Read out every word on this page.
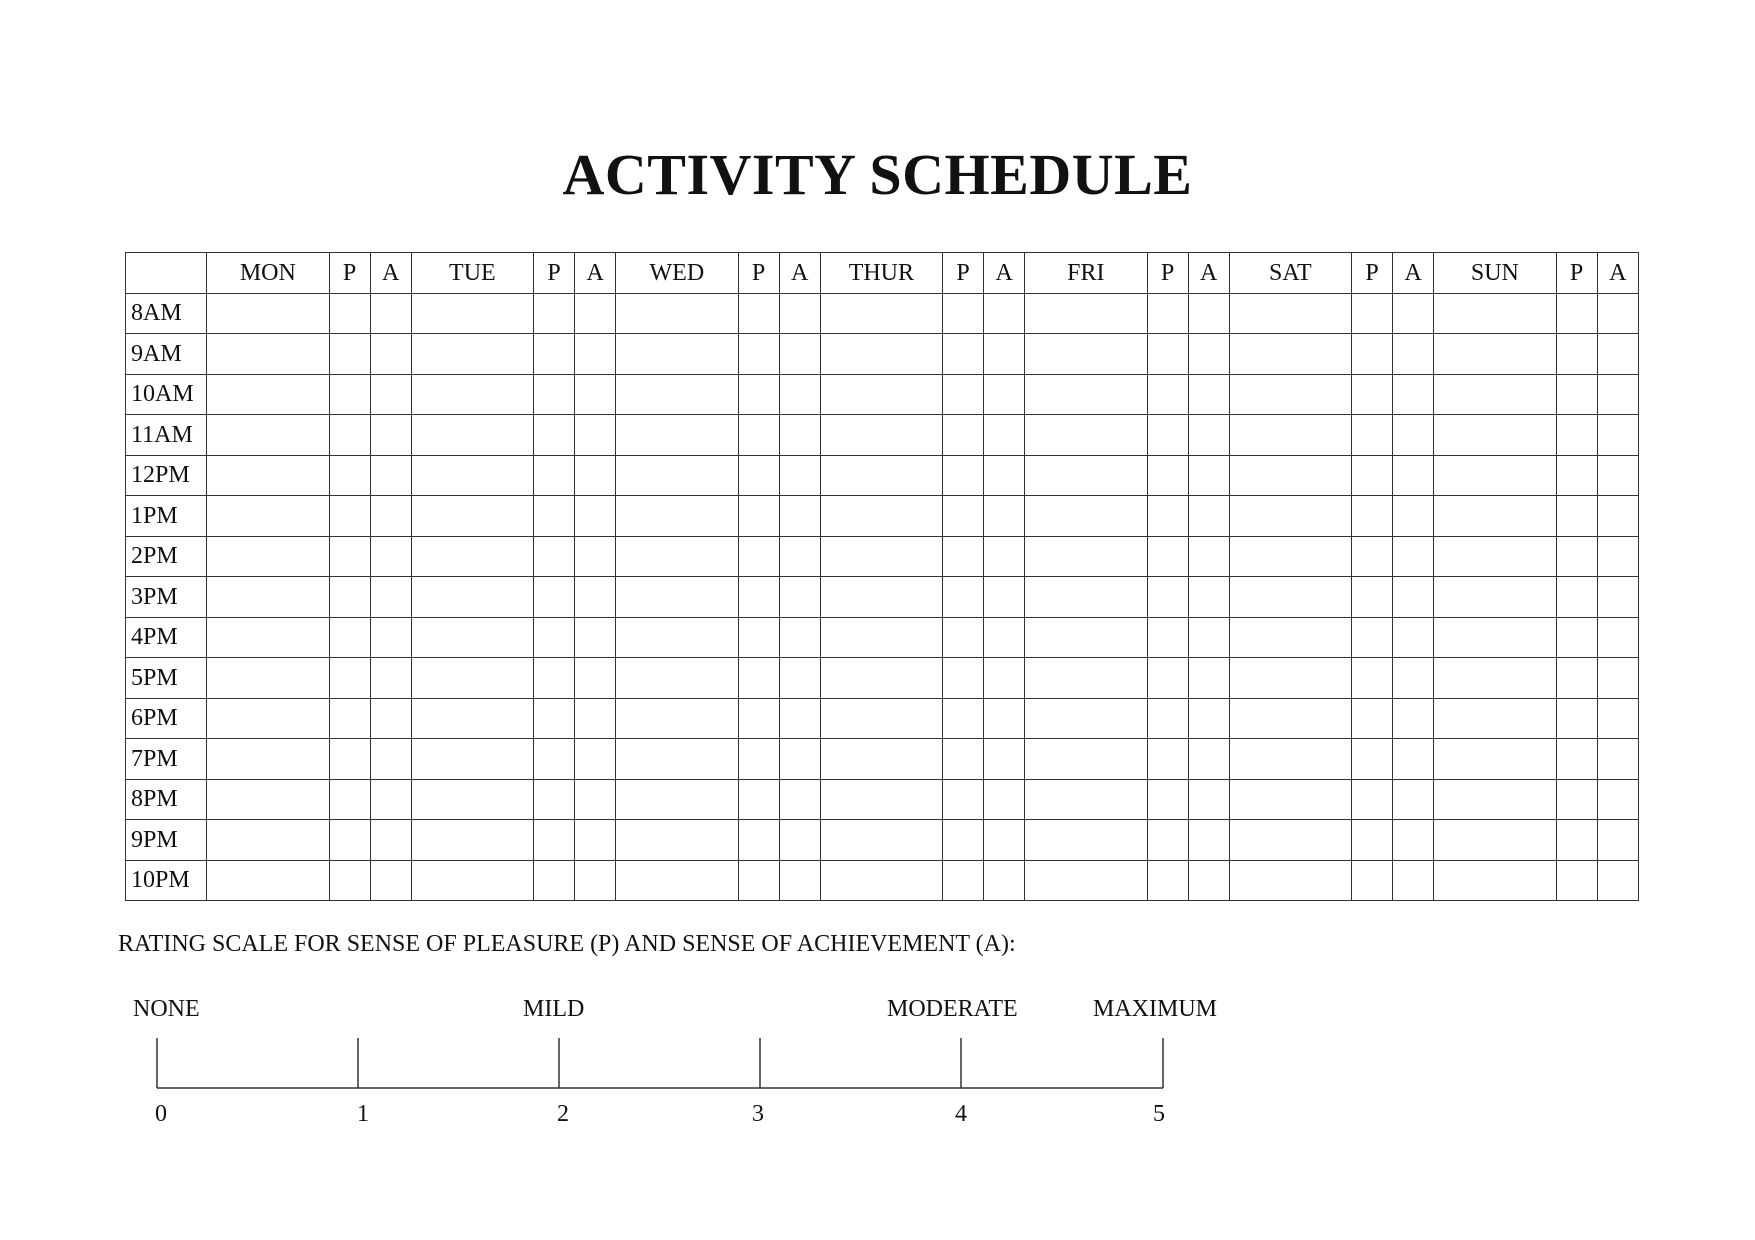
ACTIVITY SCHEDULE
	MON	P	A	TUE	P	A	WED	P	A	THUR	P	A	FRI	P	A	SAT	P	A	SUN	P	A
8AM																					
9AM																					
10AM																					
11AM																					
12PM																					
1PM																					
2PM																					
3PM																					
4PM																					
5PM																					
6PM																					
7PM																					
8PM																					
9PM																					
10PM																					
RATING SCALE FOR SENSE OF PLEASURE (P) AND SENSE OF ACHIEVEMENT (A):
NONE	MILD	MODERATE	MAXIMUM
0	1	2	3	4	5
